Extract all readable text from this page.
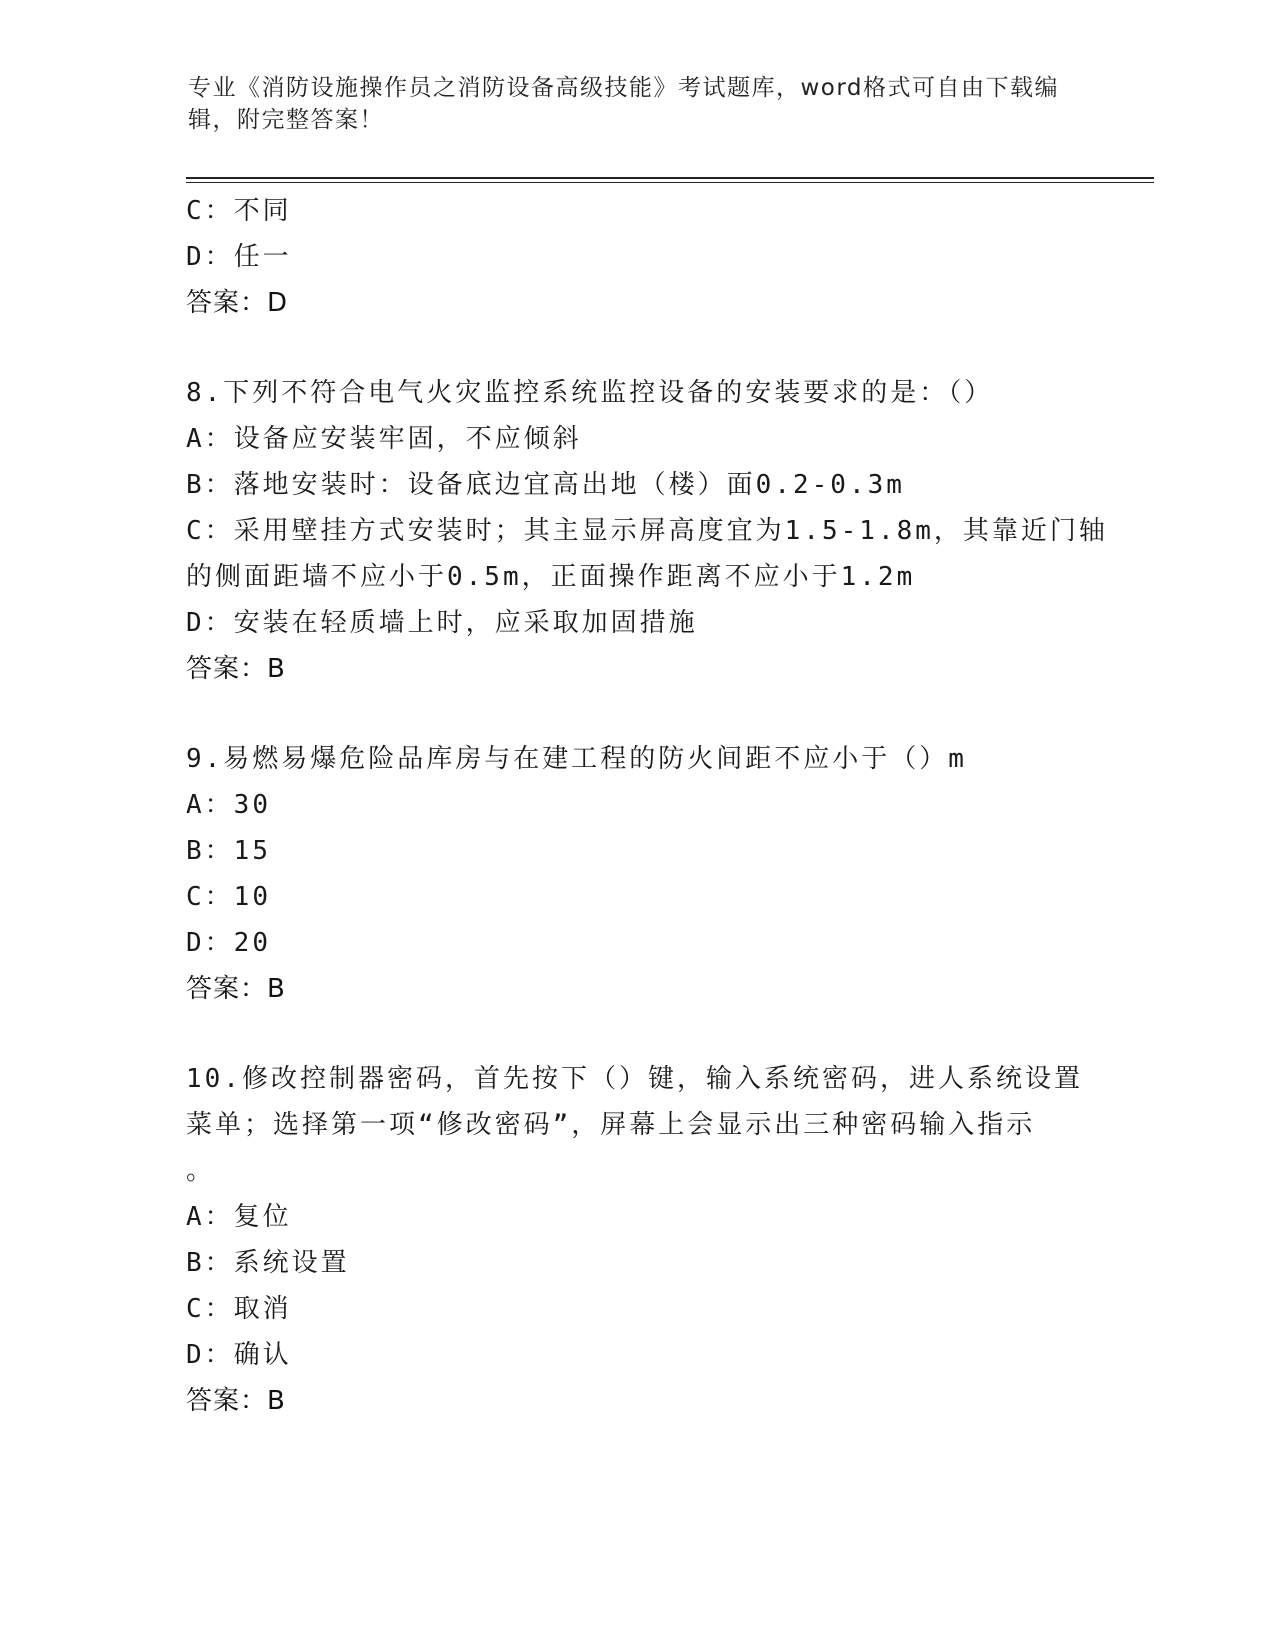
专业《消防设施操作员之消防设备高级技能》考试题库，word格式可自由下载编
辑，附完整答案！
C：不同
D：任一
答案：D
8.下列不符合电气火灾监控系统监控设备的安装要求的是：（）
A：设备应安装牢固，不应倾斜
B：落地安装时：设备底边宜高出地（楼）面0.2-0.3m
C：采用壁挂方式安装时；其主显示屏高度宜为1.5-1.8m，其靠近门轴
的侧面距墙不应小于0.5m，正面操作距离不应小于1.2m
D：安装在轻质墙上时，应采取加固措施
答案：B
9.易燃易爆危险品库房与在建工程的防火间距不应小于（）m
A：30
B：15
C：10
D：20
答案：B
10.修改控制器密码，首先按下（）键，输入系统密码，进人系统设置
菜单；选择第一项“修改密码”，屏幕上会显示出三种密码输入指示
。
A：复位
B：系统设置
C：取消
D：确认
答案：B
